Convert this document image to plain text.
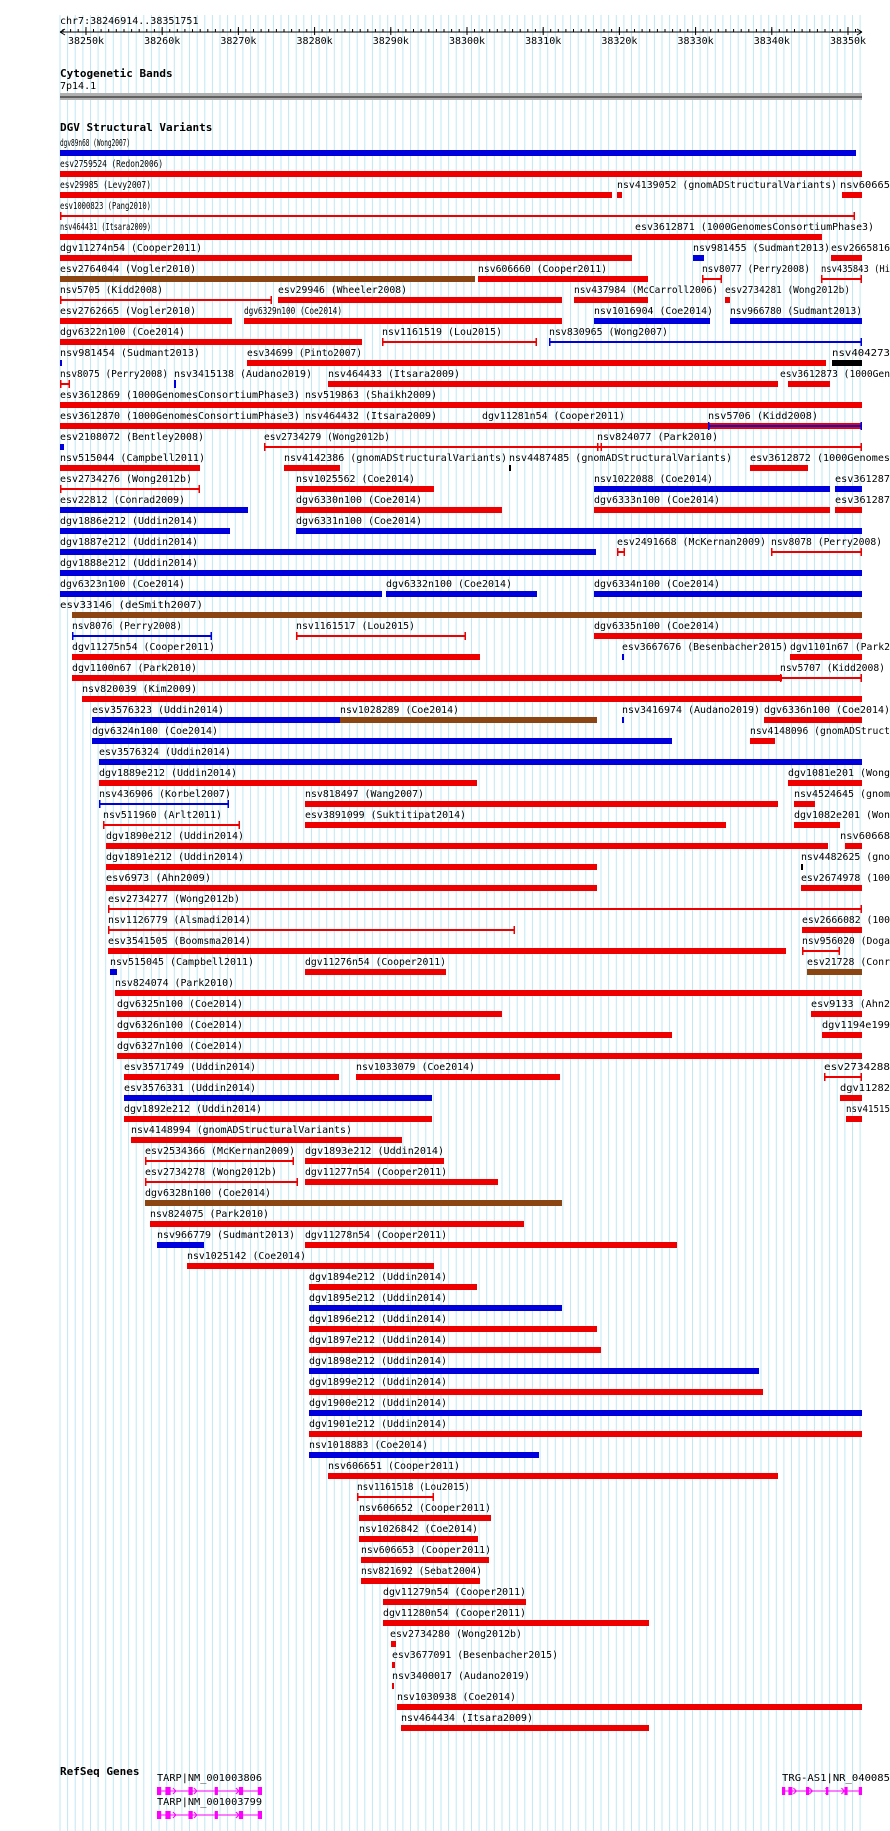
chr7:38246914..38351751
38250k	38260k	38270k	38280k	38290k	38300k	38310k	38320k	38330k	38340k	38350k
Cytogenetic Bands
7p14.1
DGV Structural Variants
dgv89n68 (Wong2007)
esv2759524 (Redon2006)
esv29985 (Levy2007)	nsv4139052 (gnomADStructuralVariants) nsv60665
esv1000823 (Pang2010)
nsv464431 (Itsara2009)	esv3612871 (1000GenomesConsortiumPhase3)
dgv11274n54 (Cooper2011)	nsv981455 (Sudmant2013) esv2665816
esv2764044 (Vogler2010)	nsv606660 (Cooper2011)	nsv8077 (Perry2008) nsv435843 (Hi
nsv5705 (Kidd2008)	esv29946 (Wheeler2008)	nsv437984 (McCarroll2006) esv2734281 (Wong2012b)
esv2762665 (Vogler2010)	dgv6329n100 (Coe2014)	nsv1016904 (Coe2014) nsv966780 (Sudmant2013)
dgv6322n100 (Coe2014)	nsv1161519 (Lou2015)	nsv830965 (Wong2007)
nsv981454 (Sudmant2013)	esv34699 (Pinto2007)	nsv404273
nsv8075 (Perry2008) nsv3415138 (Audano2019) nsv464433 (Itsara2009)	esv3612873 (1000Gen
esv3612869 (1000GenomesConsortiumPhase3) nsv519863 (Shaikh2009)
esv3612870 (1000GenomesConsortiumPhase3) nsv464432 (Itsara2009)	dgv11281n54 (Cooper2011)	nsv5706 (Kidd2008)
esv2108072 (Bentley2008)	esv2734279 (Wong2012b)	nsv824077 (Park2010)
nsv515044 (Campbell2011)	nsv4142386 (gnomADStructuralVariants) nsv4487485 (gnomADStructuralVariants) esv3612872 (1000Genomes
esv2734276 (Wong2012b)	nsv1025562 (Coe2014)	nsv1022088 (Coe2014)	esv361287
esv22812 (Conrad2009)	dgv6330n100 (Coe2014)	dgv6333n100 (Coe2014)	esv361287
dgv1886e212 (Uddin2014)	dgv6331n100 (Coe2014)
dgv1887e212 (Uddin2014)	esv2491668 (McKernan2009) nsv8078 (Perry2008)
dgv1888e212 (Uddin2014)
dgv6323n100 (Coe2014)	dgv6332n100 (Coe2014)	dgv6334n100 (Coe2014)
esv33146 (deSmith2007)
nsv8076 (Perry2008)	nsv1161517 (Lou2015)	dgv6335n100 (Coe2014)
dgv11275n54 (Cooper2011)	esv3667676 (Besenbacher2015) dgv1101n67 (Park2
dgv1100n67 (Park2010)	nsv5707 (Kidd2008)
nsv820039 (Kim2009)
esv3576323 (Uddin2014)	nsv1028289 (Coe2014)	nsv3416974 (Audano2019) dgv6336n100 (Coe2014)
dgv6324n100 (Coe2014)	nsv4148096 (gnomADStruct
esv3576324 (Uddin2014)
dgv1889e212 (Uddin2014)	dgv1081e201 (Wong
nsv436906 (Korbel2007)	nsv818497 (Wang2007)	nsv4524645 (gnom
nsv511960 (Arlt2011)	esv3891099 (Suktitipat2014)	dgv1082e201 (Won
dgv1890e212 (Uddin2014)	nsv60668
dgv1891e212 (Uddin2014)	nsv4482625 (gno
esv6973 (Ahn2009)	esv2674978 (100
esv2734277 (Wong2012b)
nsv1126779 (Alsmadi2014)	esv2666082 (100
esv3541505 (Boomsma2014)	nsv956020 (Doga
nsv515045 (Campbell2011)	dgv11276n54 (Cooper2011)	esv21728 (Conr
nsv824074 (Park2010)
dgv6325n100 (Coe2014)	esv9133 (Ahn2
dgv6326n100 (Coe2014)	dgv1194e199
dgv6327n100 (Coe2014)
esv3571749 (Uddin2014)	nsv1033079 (Coe2014)	esv2734288
esv3576331 (Uddin2014)	dgv11282
dgv1892e212 (Uddin2014)	nsv41515
nsv4148994 (gnomADStructuralVariants)
esv2534366 (McKernan2009) dgv1893e212 (Uddin2014)
esv2734278 (Wong2012b)	dgv11277n54 (Cooper2011)
dgv6328n100 (Coe2014)
nsv824075 (Park2010)
nsv966779 (Sudmant2013) dgv11278n54 (Cooper2011)
nsv1025142 (Coe2014)
dgv1894e212 (Uddin2014)
dgv1895e212 (Uddin2014)
dgv1896e212 (Uddin2014)
dgv1897e212 (Uddin2014)
dgv1898e212 (Uddin2014)
dgv1899e212 (Uddin2014)
dgv1900e212 (Uddin2014)
dgv1901e212 (Uddin2014)
nsv1018883 (Coe2014)
nsv606651 (Cooper2011)
nsv1161518 (Lou2015)
nsv606652 (Cooper2011)
nsv1026842 (Coe2014)
nsv606653 (Cooper2011)
nsv821692 (Sebat2004)
dgv11279n54 (Cooper2011)
dgv11280n54 (Cooper2011)
esv2734280 (Wong2012b)
esv3677091 (Besenbacher2015)
nsv3400017 (Audano2019)
nsv1030938 (Coe2014)
nsv464434 (Itsara2009)
RefSeq Genes
TARP|NM_001003806
TARP|NM_001003799
TRG-AS1|NR_040085
